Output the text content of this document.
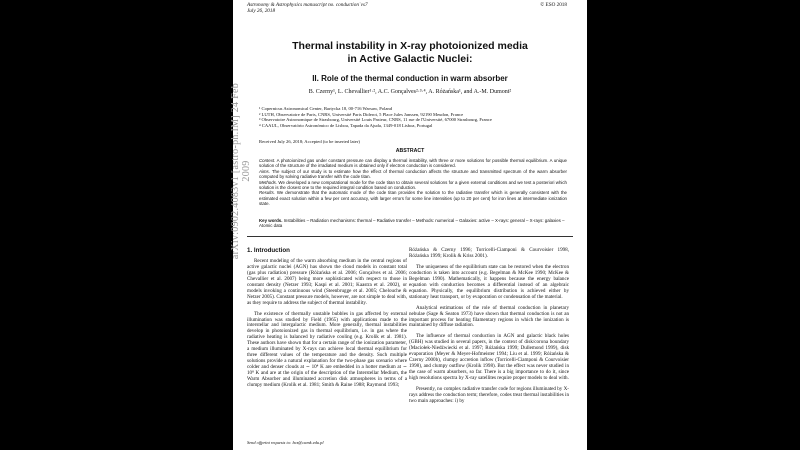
Astronomy & Astrophysics manuscript no. conduction˙vs7
July 26, 2018
© ESO 2018
Thermal instability in X-ray photoionized media
in Active Galactic Nuclei:
II. Role of the thermal conduction in warm absorber
B. Czerny¹, L. Chevallier¹·², A.C. Gonçalves²·³·⁴, A. Różańska¹, and A.-M. Dumont²
¹ Copernicus Astronomical Center, Bartycka 18, 00-716 Warsaw, Poland
² LUTH, Observatoire de Paris, CNRS, Université Paris Diderot, 5 Place Jules Janssen, 92190 Meudon, France
³ Observatoire Astronomique de Strasbourg, Université Louis Pasteur, CNRS, 11 rue de l'Université, 67000 Strasbourg, France
⁴ CAAUL, Observatório Astronómico de Lisboa, Tapada da Ajuda, 1349-018 Lisboa, Portugal
Received July 26, 2018; Accepted (to be inserted later)
ABSTRACT

Context. A photoionized gas under constant pressure can display a thermal instability, with three or more solutions for possible thermal equilibrium. A unique solution of the structure of the irradiated medium is obtained only if electron conduction is considered.

Aims. The subject of our study is to estimate how the effect of thermal conduction affects the structure and transmitted spectrum of the warm absorber computed by solving radiative transfer with the code titan.

Methods. We developed a new computational mode for the code titan to obtain several solutions for a given external conditions and we test a posteriori which solution is the closest one to the required integral condition based on conduction.

Results. We demonstrate that the automatic mode of the code titan provides the solution to the radiative transfer which is generally consistent with the estimated exact solution within a few per cent accuracy, with larger errors for some line intensities (up to 20 per cent) for iron lines at intermediate ionization state.

Key words. Instabilities – Radiation mechanisms: thermal – Radiative transfer – Methods: numerical – Galaxies: active – X-rays: general – X-rays: galaxies – Atomic data

1. Introduction

Recent modeling of the warm absorbing medium in the central regions of active galactic nuclei (AGN) has shown the cloud models in constant total (gas plus radiation) pressure (Różańska et al. 2006; Gonçalves et al. 2006; Chevallier et al. 2007) being more sophisticated with respect to those in constant density (Netzer 1993; Kaspi et al. 2001; Kaastra et al. 2002), or models invoking a continuous wind (Steenbrugge et al. 2005; Chelouche & Netzer 2005). Constant pressure models, however, are not simple to deal with, as they require to address the subject of thermal instability.

The existence of thermally unstable bubbles in gas affected by external illumination was studied by Field (1965) with applications made to the interstellar and intergalactic medium. More generally, thermal instabilities develop in photoionized gas in thermal equilibrium, i.e. in gas where the radiative heating is balanced by radiative cooling (e.g. Krolik et al. 1981). These authors have shown that for a certain range of the ionization parameter, a medium illuminated by X-rays can achieve local thermal equilibrium for three different values of the temperature and the density. Such multiple solutions provide a natural explanation for the two-phase gas scenario where colder and denser clouds at ∼ 10⁴ K are embedded in a hotter medium at ∼ 10⁸ K and are at the origin of the description of the Interstellar Medium, the Warm Absorber and illuminated accretion disk atmospheres in terms of a clumpy medium (Krolik et al. 1981; Smith & Raine 1988; Raymond 1993;

Różańska & Czerny 1996; Torricelli-Ciamponi & Courvoisier 1998, Różańska 1999; Krolik & Kriss 2001).

The uniqueness of the equilibrium state can be restored when the electron conduction is taken into account (e.g. Begelman & McKee 1990; McKee & Begelman 1990). Mathematically, it happens because the energy balance equation with conduction becomes a differential instead of an algebraic equation. Physically, the equilibrium distribution is achieved either by stationary heat transport, or by evaporation or condensation of the material.

Analytical estimations of the role of thermal conduction in planetary nebulae (Sage & Seaton 1973) have shown that thermal conduction is not an important process for heating filamentary regions in which the ionization is maintained by diffuse radiation.

The influence of thermal conduction in AGN and galactic black holes (GBH) was studied in several papers, in the context of disk/corona boundary (Maciołek-Niedźwiecki et al. 1997; Różańska 1999; Dullemond 1999), disk evaporation (Meyer & Meyer-Hofmeister 1994; Liu et al. 1999; Różańska & Czerny 2000b), clumpy accretion inflow (Torricelli-Ciamponi & Courvoisier 1998), and clumpy outflow (Krolik 1998). But the effect was never studied in the case of warm absorbers, so far. There is a big importance to do it, since high resolutions spectra by X-ray satellites require proper models to deal with.

Presently, no complex radiative transfer code for regions illuminated by X-rays address the conduction term; therefore, codes treat thermal instabilities in two main approaches: i) by

Send offprint requests to: bcz@camk.edu.pl
arXiv:0902.4083v1 [astro-ph.IM] 24 Feb 2009
